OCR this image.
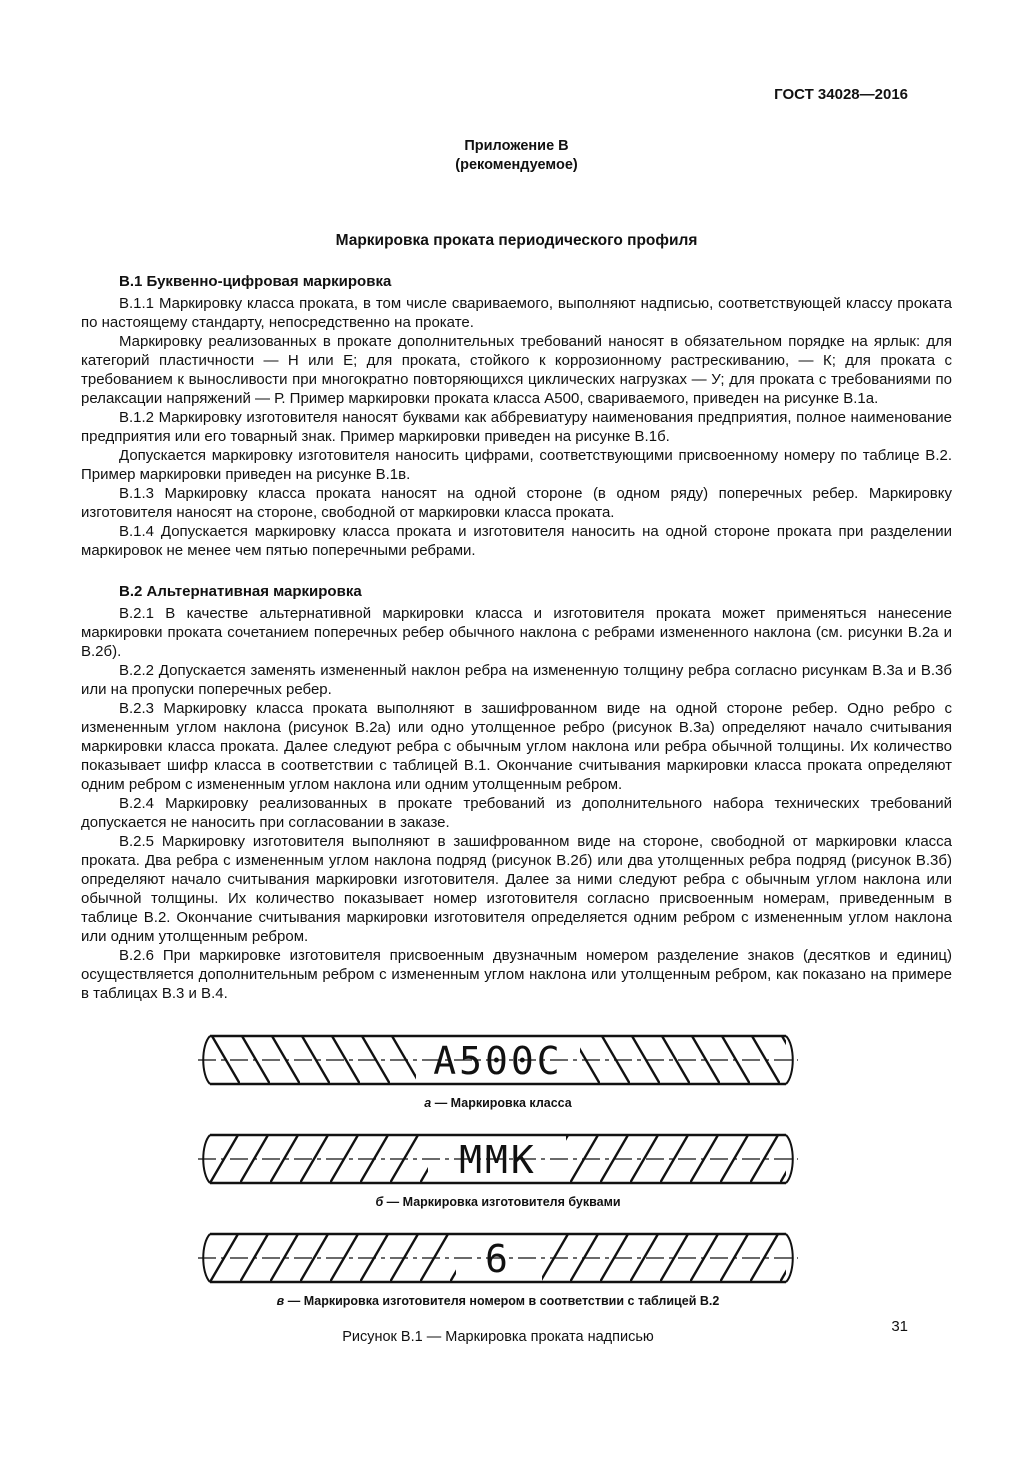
ГОСТ 34028—2016
Приложение В
(рекомендуемое)
Маркировка проката периодического профиля
В.1 Буквенно-цифровая маркировка

В.1.1 Маркировку класса проката, в том числе свариваемого, выполняют надписью, соответствующей классу проката по настоящему стандарту, непосредственно на прокате.

Маркировку реализованных в прокате дополнительных требований наносят в обязательном порядке на ярлык: для категорий пластичности — Н или Е; для проката, стойкого к коррозионному растрескиванию, — К; для проката с требованием к выносливости при многократно повторяющихся циклических нагрузках — У; для проката с требованиями по релаксации напряжений — Р. Пример маркировки проката класса А500, свариваемого, приведен на рисунке В.1а.

В.1.2 Маркировку изготовителя наносят буквами как аббревиатуру наименования предприятия, полное наименование предприятия или его товарный знак. Пример маркировки приведен на рисунке В.1б.

Допускается маркировку изготовителя наносить цифрами, соответствующими присвоенному номеру по таблице В.2. Пример маркировки приведен на рисунке В.1в.

В.1.3 Маркировку класса проката наносят на одной стороне (в одном ряду) поперечных ребер. Маркировку изготовителя наносят на стороне, свободной от маркировки класса проката.

В.1.4 Допускается маркировку класса проката и изготовителя наносить на одной стороне проката при разделении маркировок не менее чем пятью поперечными ребрами.

В.2 Альтернативная маркировка

В.2.1 В качестве альтернативной маркировки класса и изготовителя проката может применяться нанесение маркировки проката сочетанием поперечных ребер обычного наклона с ребрами измененного наклона (см. рисунки В.2а и В.2б).

В.2.2 Допускается заменять измененный наклон ребра на измененную толщину ребра согласно рисункам В.3а и В.3б или на пропуски поперечных ребер.

В.2.3 Маркировку класса проката выполняют в зашифрованном виде на одной стороне ребер. Одно ребро с измененным углом наклона (рисунок В.2а) или одно утолщенное ребро (рисунок В.3а) определяют начало считывания маркировки класса проката. Далее следуют ребра с обычным углом наклона или ребра обычной толщины. Их количество показывает шифр класса в соответствии с таблицей В.1. Окончание считывания маркировки класса проката определяют одним ребром с измененным углом наклона или одним утолщенным ребром.

В.2.4 Маркировку реализованных в прокате требований из дополнительного набора технических требований допускается не наносить при согласовании в заказе.

В.2.5 Маркировку изготовителя выполняют в зашифрованном виде на стороне, свободной от маркировки класса проката. Два ребра с измененным углом наклона подряд (рисунок В.2б) или два утолщенных ребра подряд (рисунок В.3б) определяют начало считывания маркировки изготовителя. Далее за ними следуют ребра с обычным углом наклона или обычной толщины. Их количество показывает номер изготовителя согласно присвоенным номерам, приведенным в таблице В.2. Окончание считывания маркировки изготовителя определяется одним ребром с измененным углом наклона или одним утолщенным ребром.

В.2.6 При маркировке изготовителя присвоенным двузначным номером разделение знаков (десятков и единиц) осуществляется дополнительным ребром с измененным углом наклона или утолщенным ребром, как показано на примере в таблицах В.3 и В.4.

А500С
а — Маркировка класса
ММК
б — Маркировка изготовителя буквами
6
в — Маркировка изготовителя номером в соответствии с таблицей В.2
Рисунок В.1 — Маркировка проката надписью
31
